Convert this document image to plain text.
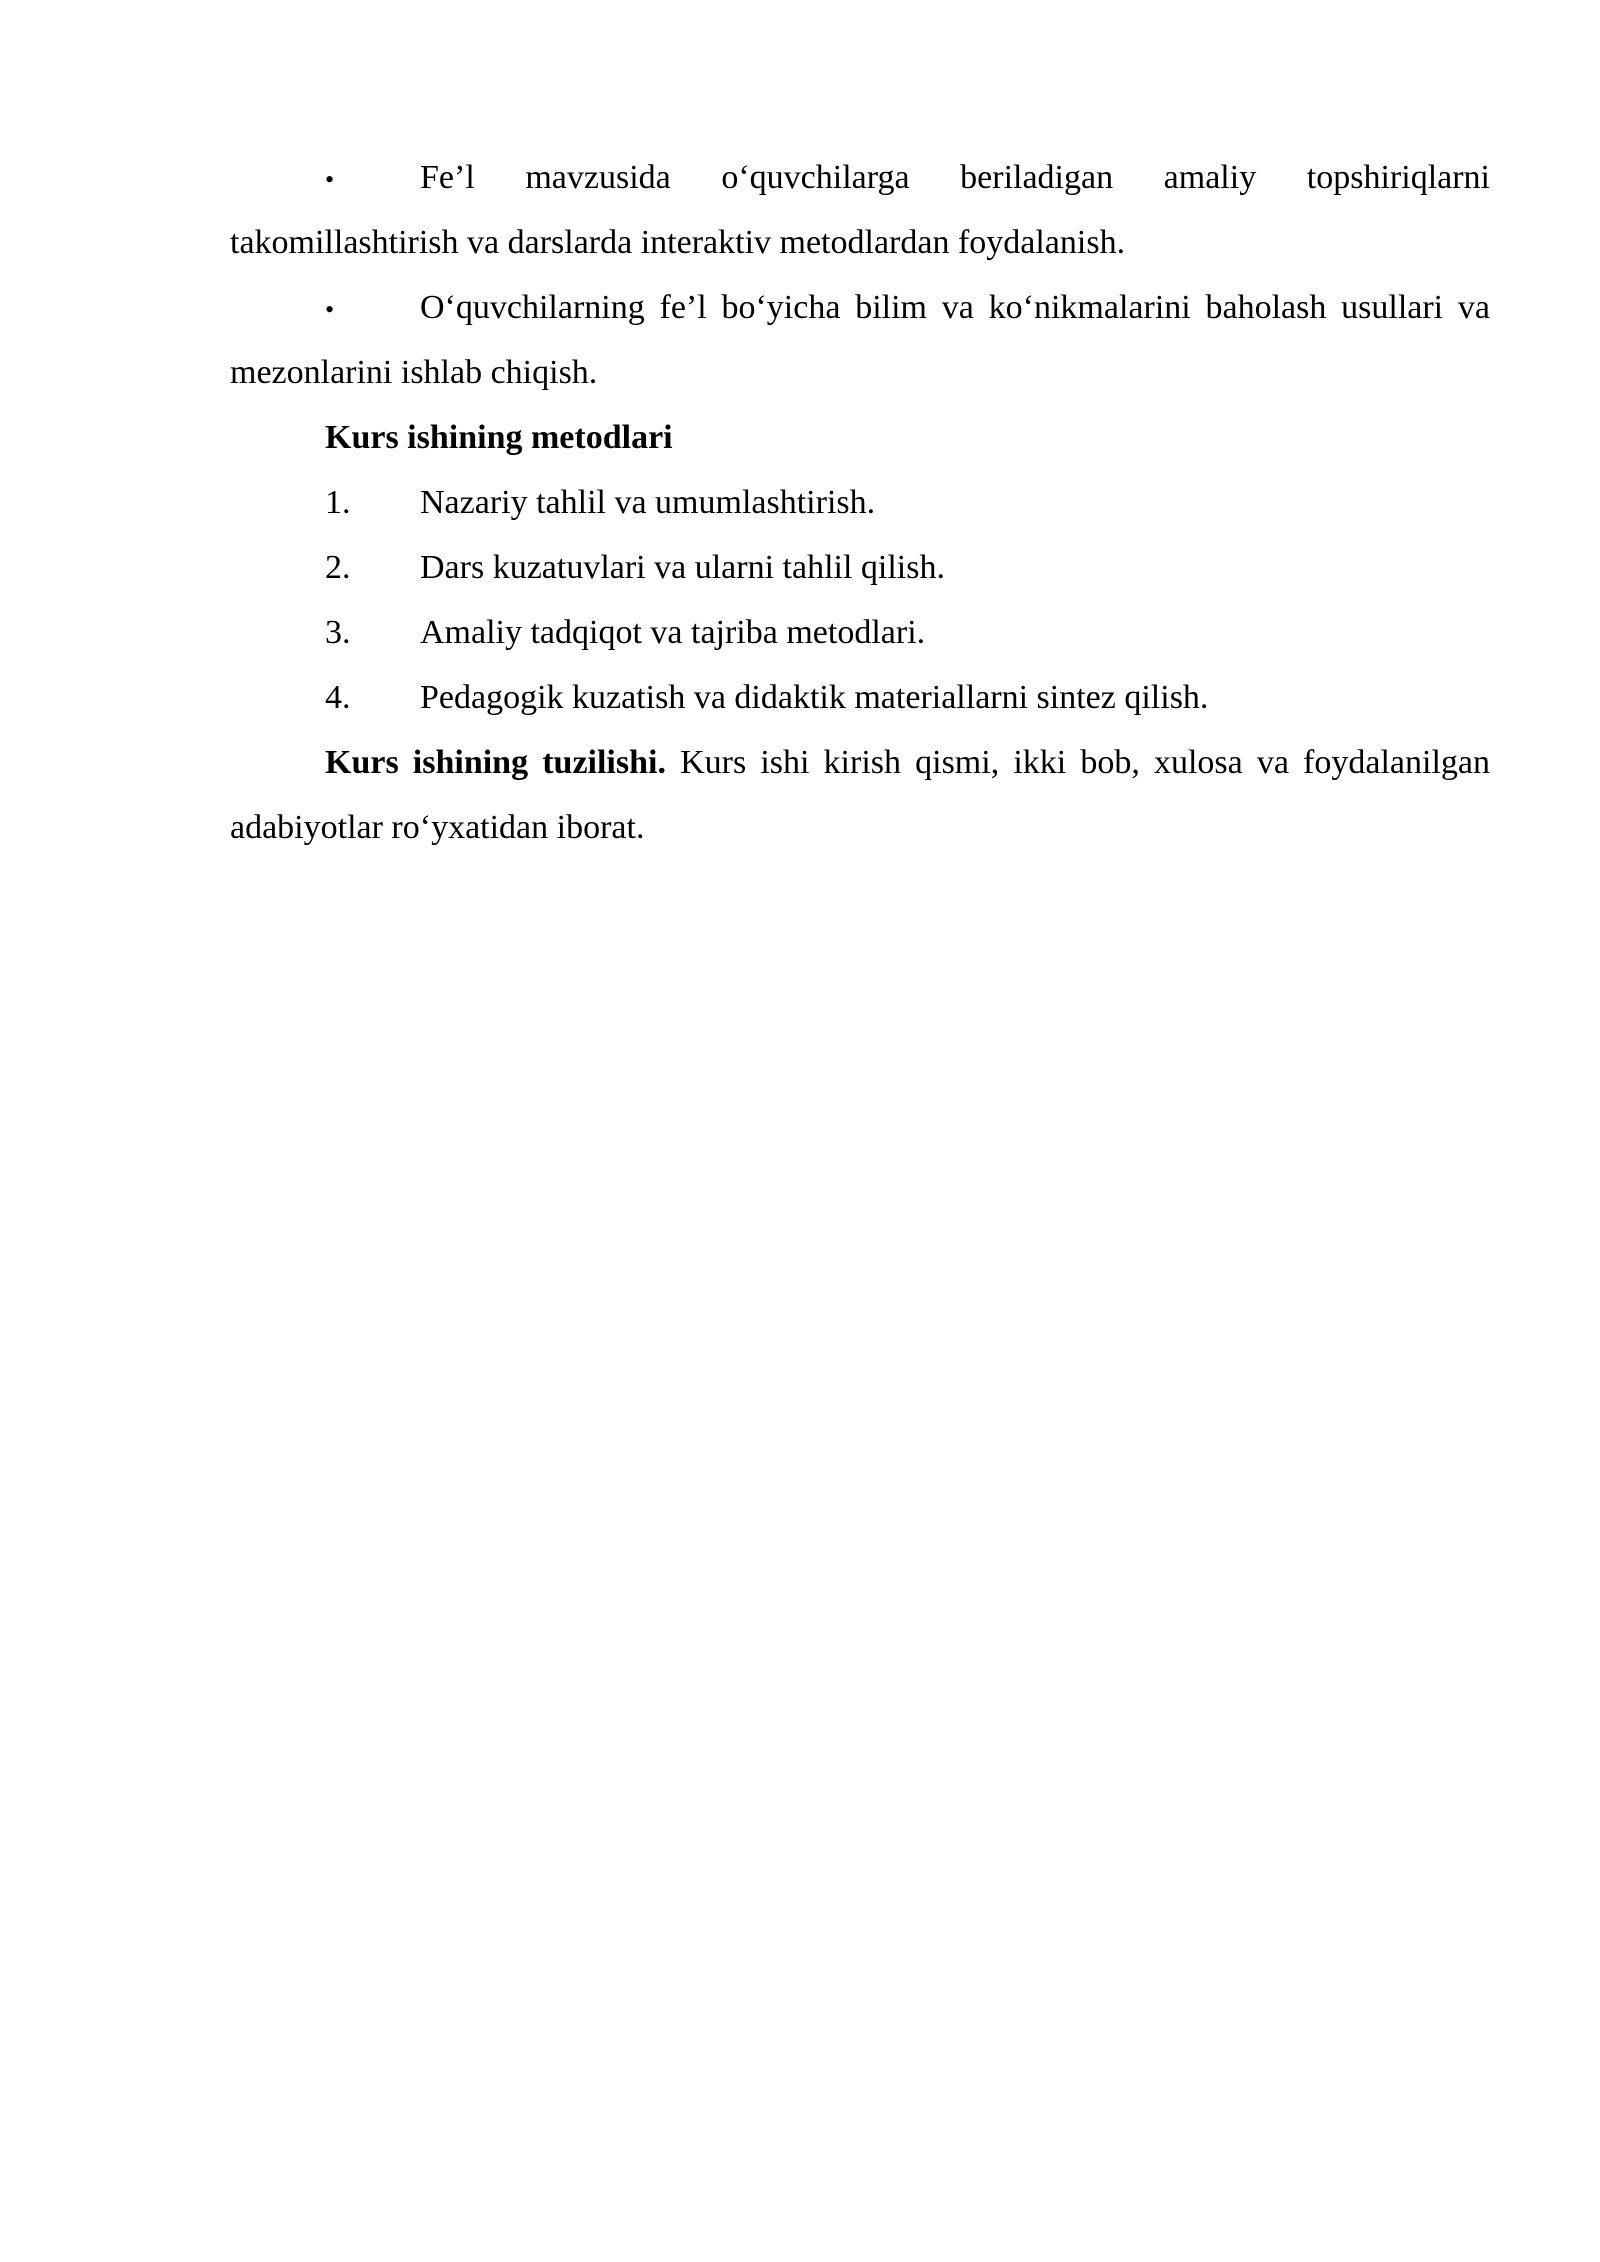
•	Fe’l mavzusida o‘quvchilarga beriladigan amaliy topshiriqlarni takomillashtirish va darslarda interaktiv metodlardan foydalanish.

•	O‘quvchilarning fe’l bo‘yicha bilim va ko‘nikmalarini baholash usullari va mezonlarini ishlab chiqish.

Kurs ishining metodlari

1. Nazariy tahlil va umumlashtirish.

2. Dars kuzatuvlari va ularni tahlil qilish.

3. Amaliy tadqiqot va tajriba metodlari.

4. Pedagogik kuzatish va didaktik materiallarni sintez qilish.

Kurs ishining tuzilishi. Kurs ishi kirish qismi, ikki bob, xulosa va foydalanilgan adabiyotlar ro‘yxatidan iborat.
